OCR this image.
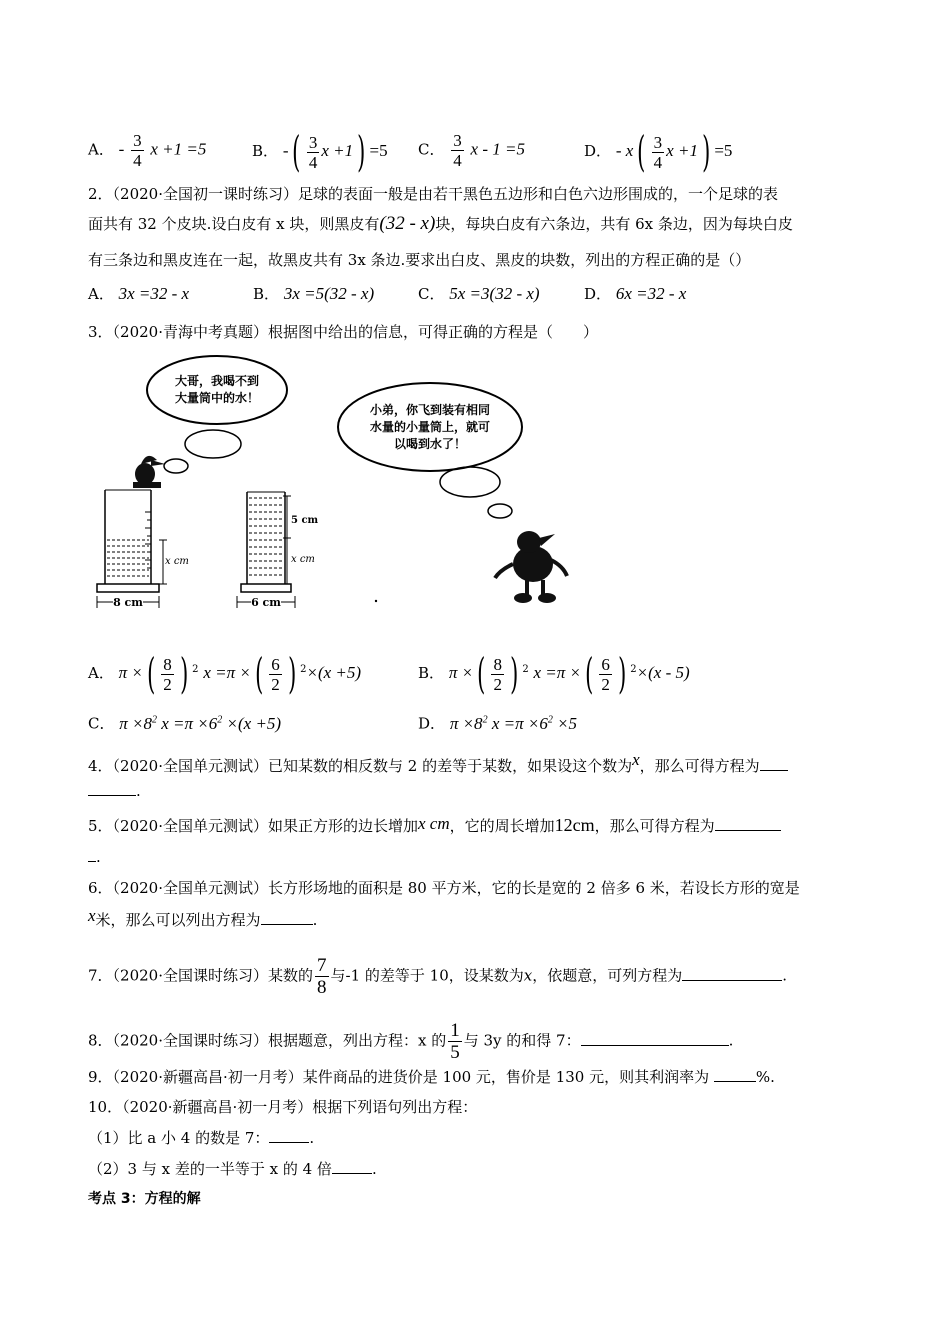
A． - $\frac{3}{4}$ x +1 =5	B． -( $\frac{3}{4}$ x +1) =5 C． $\frac{3}{4}$ x - 1 =5	D． - $x( \frac{3}{4}$ x +1) =5
2．（2020·全国初一课时练习）足球的表面一般是由若干黑色五边形和白色六边形围成的，一个足球的表
面共有 32 个皮块.设白皮有 x 块，则黑皮有(32 - x)块，每块白皮有六条边，共有 6x 条边，因为每块白皮
有三条边和黑皮连在一起，故黑皮共有 3x 条边.要求出白皮、黑皮的块数，列出的方程正确的是（）
A． 3x =32 - x	B． 3x =5(32 - x)	C． 5x =3(32 - x)	D． 6x =32 - x
3．（2020·青海中考真题）根据图中给出的信息，可得正确的方程是（　　）
大哥，我喝不到
大量筒中的水！
小弟，你飞到装有相同
水量的小量筒上，就可
以喝到水了！
x cm
8 cm
5 cm
x cm
6 cm
A． π ×( $\frac{8}{2}$ ) $^2$ x =π ×( $\frac{6}{2}$ ) $^2$×(x +5)	B． π ×( $\frac{8}{2}$ ) $^2$ x =π ×( $\frac{6}{2}$ ) $^2$×(x - 5)
C． $\pi \times 8^2$ $x =\pi \times 6^2 \times(x +5)$	D． $\pi \times 8^2$ $x =\pi \times 6^2 \times 5$
4．（2020·全国单元测试）已知某数的相反数与 2 的差等于某数，如果设这个数为x，那么可得方程为
.
5．（2020·全国单元测试）如果正方形的边长增加x cm，它的周长增加12cm，那么可得方程为
.
6．（2020·全国单元测试）长方形场地的面积是 80 平方米，它的长是宽的 2 倍多 6 米，若设长方形的宽是
x米，那么可以列出方程为	.
7．（2020·全国课时练习）某数的 $\frac{7}{8}$ 与-1 的差等于 10，设某数为x，依题意，可列方程为	.
8．（2020·全国课时练习）根据题意，列出方程：x 的 $\frac{1}{5}$ 与 3y 的和得 7：	.
9．（2020·新疆高昌·初一月考）某件商品的进货价是 100 元，售价是 130 元，则其利润率为	%.
10．（2020·新疆高昌·初一月考）根据下列语句列出方程：
（1）比 a 小 4 的数是 7：	.
（2）3 与 x 差的一半等于 x 的 4 倍	.
考点 3：方程的解
